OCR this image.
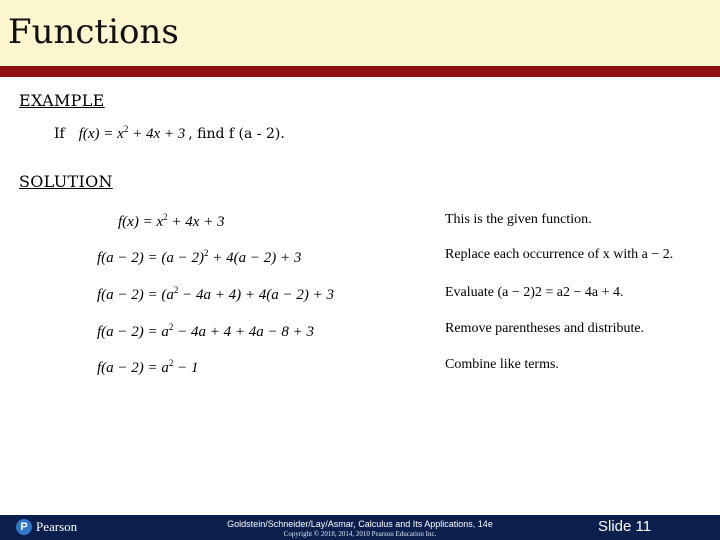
Functions
EXAMPLE
If $f(x) = x^2 + 4x + 3$ , find f (a - 2).
SOLUTION
$f(x) = x^2 + 4x + 3$	This is the given function.
$f(a - 2) = (a - 2)^2 + 4(a - 2) + 3$	Replace each occurrence of x with a − 2.
$f(a - 2) = (a^2 - 4a + 4) + 4(a - 2) + 3$	Evaluate (a − 2)2 = a2 − 4a + 4.
$f(a - 2) = a^2 - 4a + 4 + 4a - 8 + 3$	Remove parentheses and distribute.
$f(a - 2) = a^2 - 1$	Combine like terms.
P Pearson	Goldstein/Schneider/Lay/Asmar, Calculus and Its Applications, 14e
Copyright © 2018, 2014, 2010 Pearson Education Inc.	Slide 11
